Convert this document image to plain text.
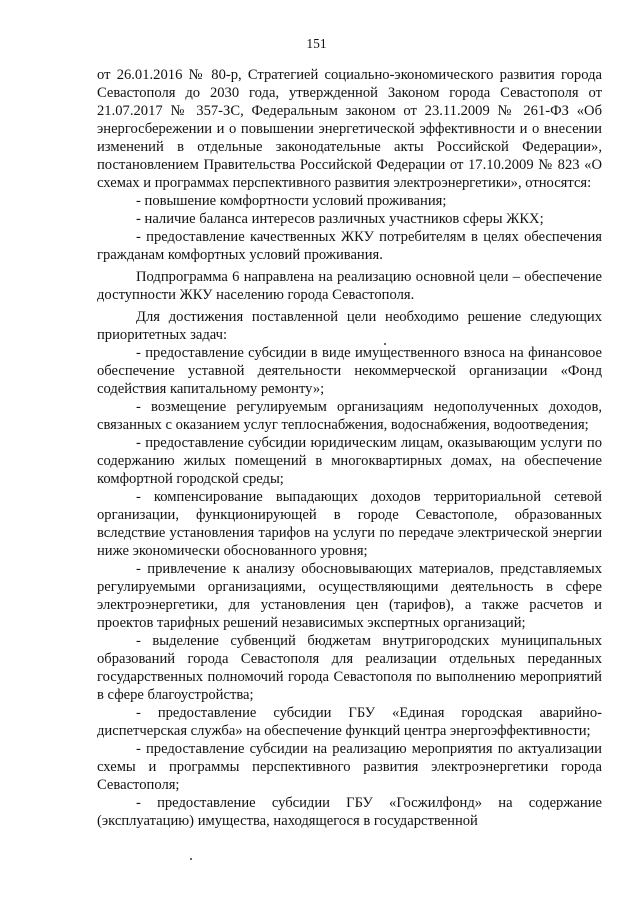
151

от 26.01.2016 № 80-р, Стратегией социально-экономического развития города Севастополя до 2030 года, утвержденной Законом города Севастополя от 21.07.2017 № 357-ЗС, Федеральным законом от 23.11.2009 № 261-ФЗ «Об энергосбережении и о повышении энергетической эффективности и о внесении изменений в отдельные законодательные акты Российской Федерации», постановлением Правительства Российской Федерации от 17.10.2009 № 823 «О схемах и программах перспективного развития электроэнергетики», относятся:

- повышение комфортности условий проживания;

- наличие баланса интересов различных участников сферы ЖКХ;

- предоставление качественных ЖКУ потребителям в целях обеспечения гражданам комфортных условий проживания.

Подпрограмма 6 направлена на реализацию основной цели – обеспечение доступности ЖКУ населению города Севастополя.

Для достижения поставленной цели необходимо решение следующих приоритетных задач:

- предоставление субсидии в виде имущественного взноса на финансовое обеспечение уставной деятельности некоммерческой организации «Фонд содействия капитальному ремонту»;

- возмещение регулируемым организациям недополученных доходов, связанных с оказанием услуг теплоснабжения, водоснабжения, водоотведения;

- предоставление субсидии юридическим лицам, оказывающим услуги по содержанию жилых помещений в многоквартирных домах, на обеспечение комфортной городской среды;

- компенсирование выпадающих доходов территориальной сетевой организации, функционирующей в городе Севастополе, образованных вследствие установления тарифов на услуги по передаче электрической энергии ниже экономически обоснованного уровня;

- привлечение к анализу обосновывающих материалов, представляемых регулируемыми организациями, осуществляющими деятельность в сфере электроэнергетики, для установления цен (тарифов), а также расчетов и проектов тарифных решений независимых экспертных организаций;

- выделение субвенций бюджетам внутригородских муниципальных образований города Севастополя для реализации отдельных переданных государственных полномочий города Севастополя по выполнению мероприятий в сфере благоустройства;

- предоставление субсидии ГБУ «Единая городская аварийно-диспетчерская служба» на обеспечение функций центра энергоэффективности;

- предоставление субсидии на реализацию мероприятия по актуализации схемы и программы перспективного развития электроэнергетики города Севастополя;

- предоставление субсидии ГБУ «Госжилфонд» на содержание (эксплуатацию) имущества, находящегося в государственной
